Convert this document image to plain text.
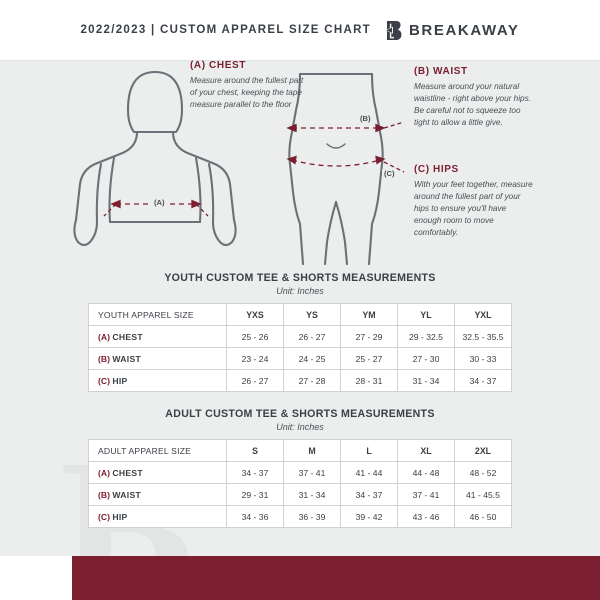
2022/2023 | CUSTOM APPAREL SIZE CHART	BREAKAWAY
(A)
(B)
(C)
(A) CHEST
Measure around the fullest part of your chest, keeping the tape measure parallel to the floor
(B) WAIST
Measure around your natural waistline - right above your hips. Be careful not to squeeze too tight to allow a little give.
(C) HIPS
With your feet together, measure around the fullest part of your hips to ensure you'll have enough room to move comfortably.
YOUTH CUSTOM TEE & SHORTS MEASUREMENTS
Unit: Inches
YOUTH APPAREL SIZE	YXS	YS	YM	YL	YXL
(A) CHEST	25 - 26	26 - 27	27 - 29	29 - 32.5	32.5 - 35.5
(B) WAIST	23 - 24	24 - 25	25 - 27	27 - 30	30 - 33
(C) HIP	26 - 27	27 - 28	28 - 31	31 - 34	34 - 37
ADULT CUSTOM TEE & SHORTS MEASUREMENTS
Unit: Inches
ADULT APPAREL SIZE	S	M	L	XL	2XL
(A) CHEST	34 - 37	37 - 41	41 - 44	44 - 48	48 - 52
(B) WAIST	29 - 31	31 - 34	34 - 37	37 - 41	41 - 45.5
(C) HIP	34 - 36	36 - 39	39 - 42	43 - 46	46 - 50
